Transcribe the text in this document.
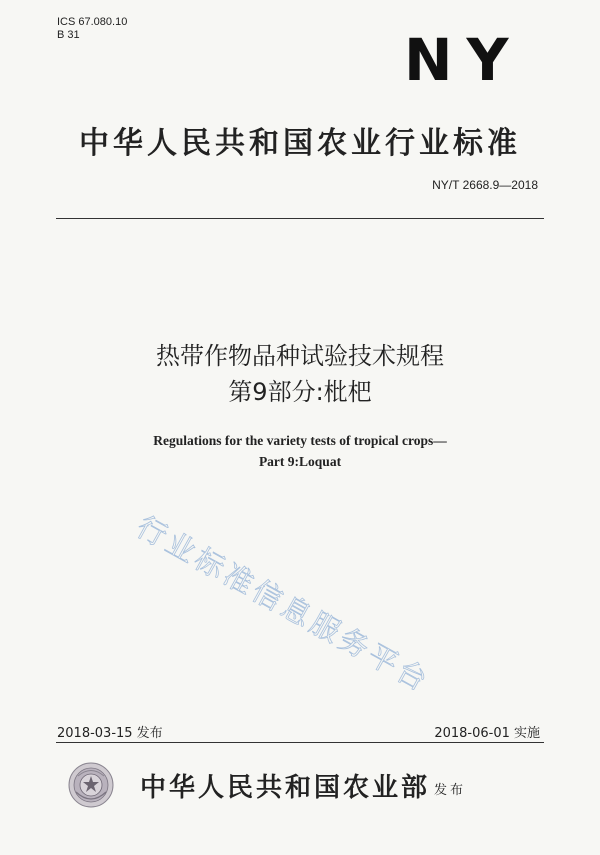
ICS 67.080.10
B 31	NY
中华人民共和国农业行业标准
NY/T 2668.9—2018
热带作物品种试验技术规程
第9部分:枇杷
Regulations for the variety tests of tropical crops—
Part 9:Loquat
行业标准信息服务平台
2018-03-15 发布	2018-06-01 实施
中华人民共和国农业部 发布
